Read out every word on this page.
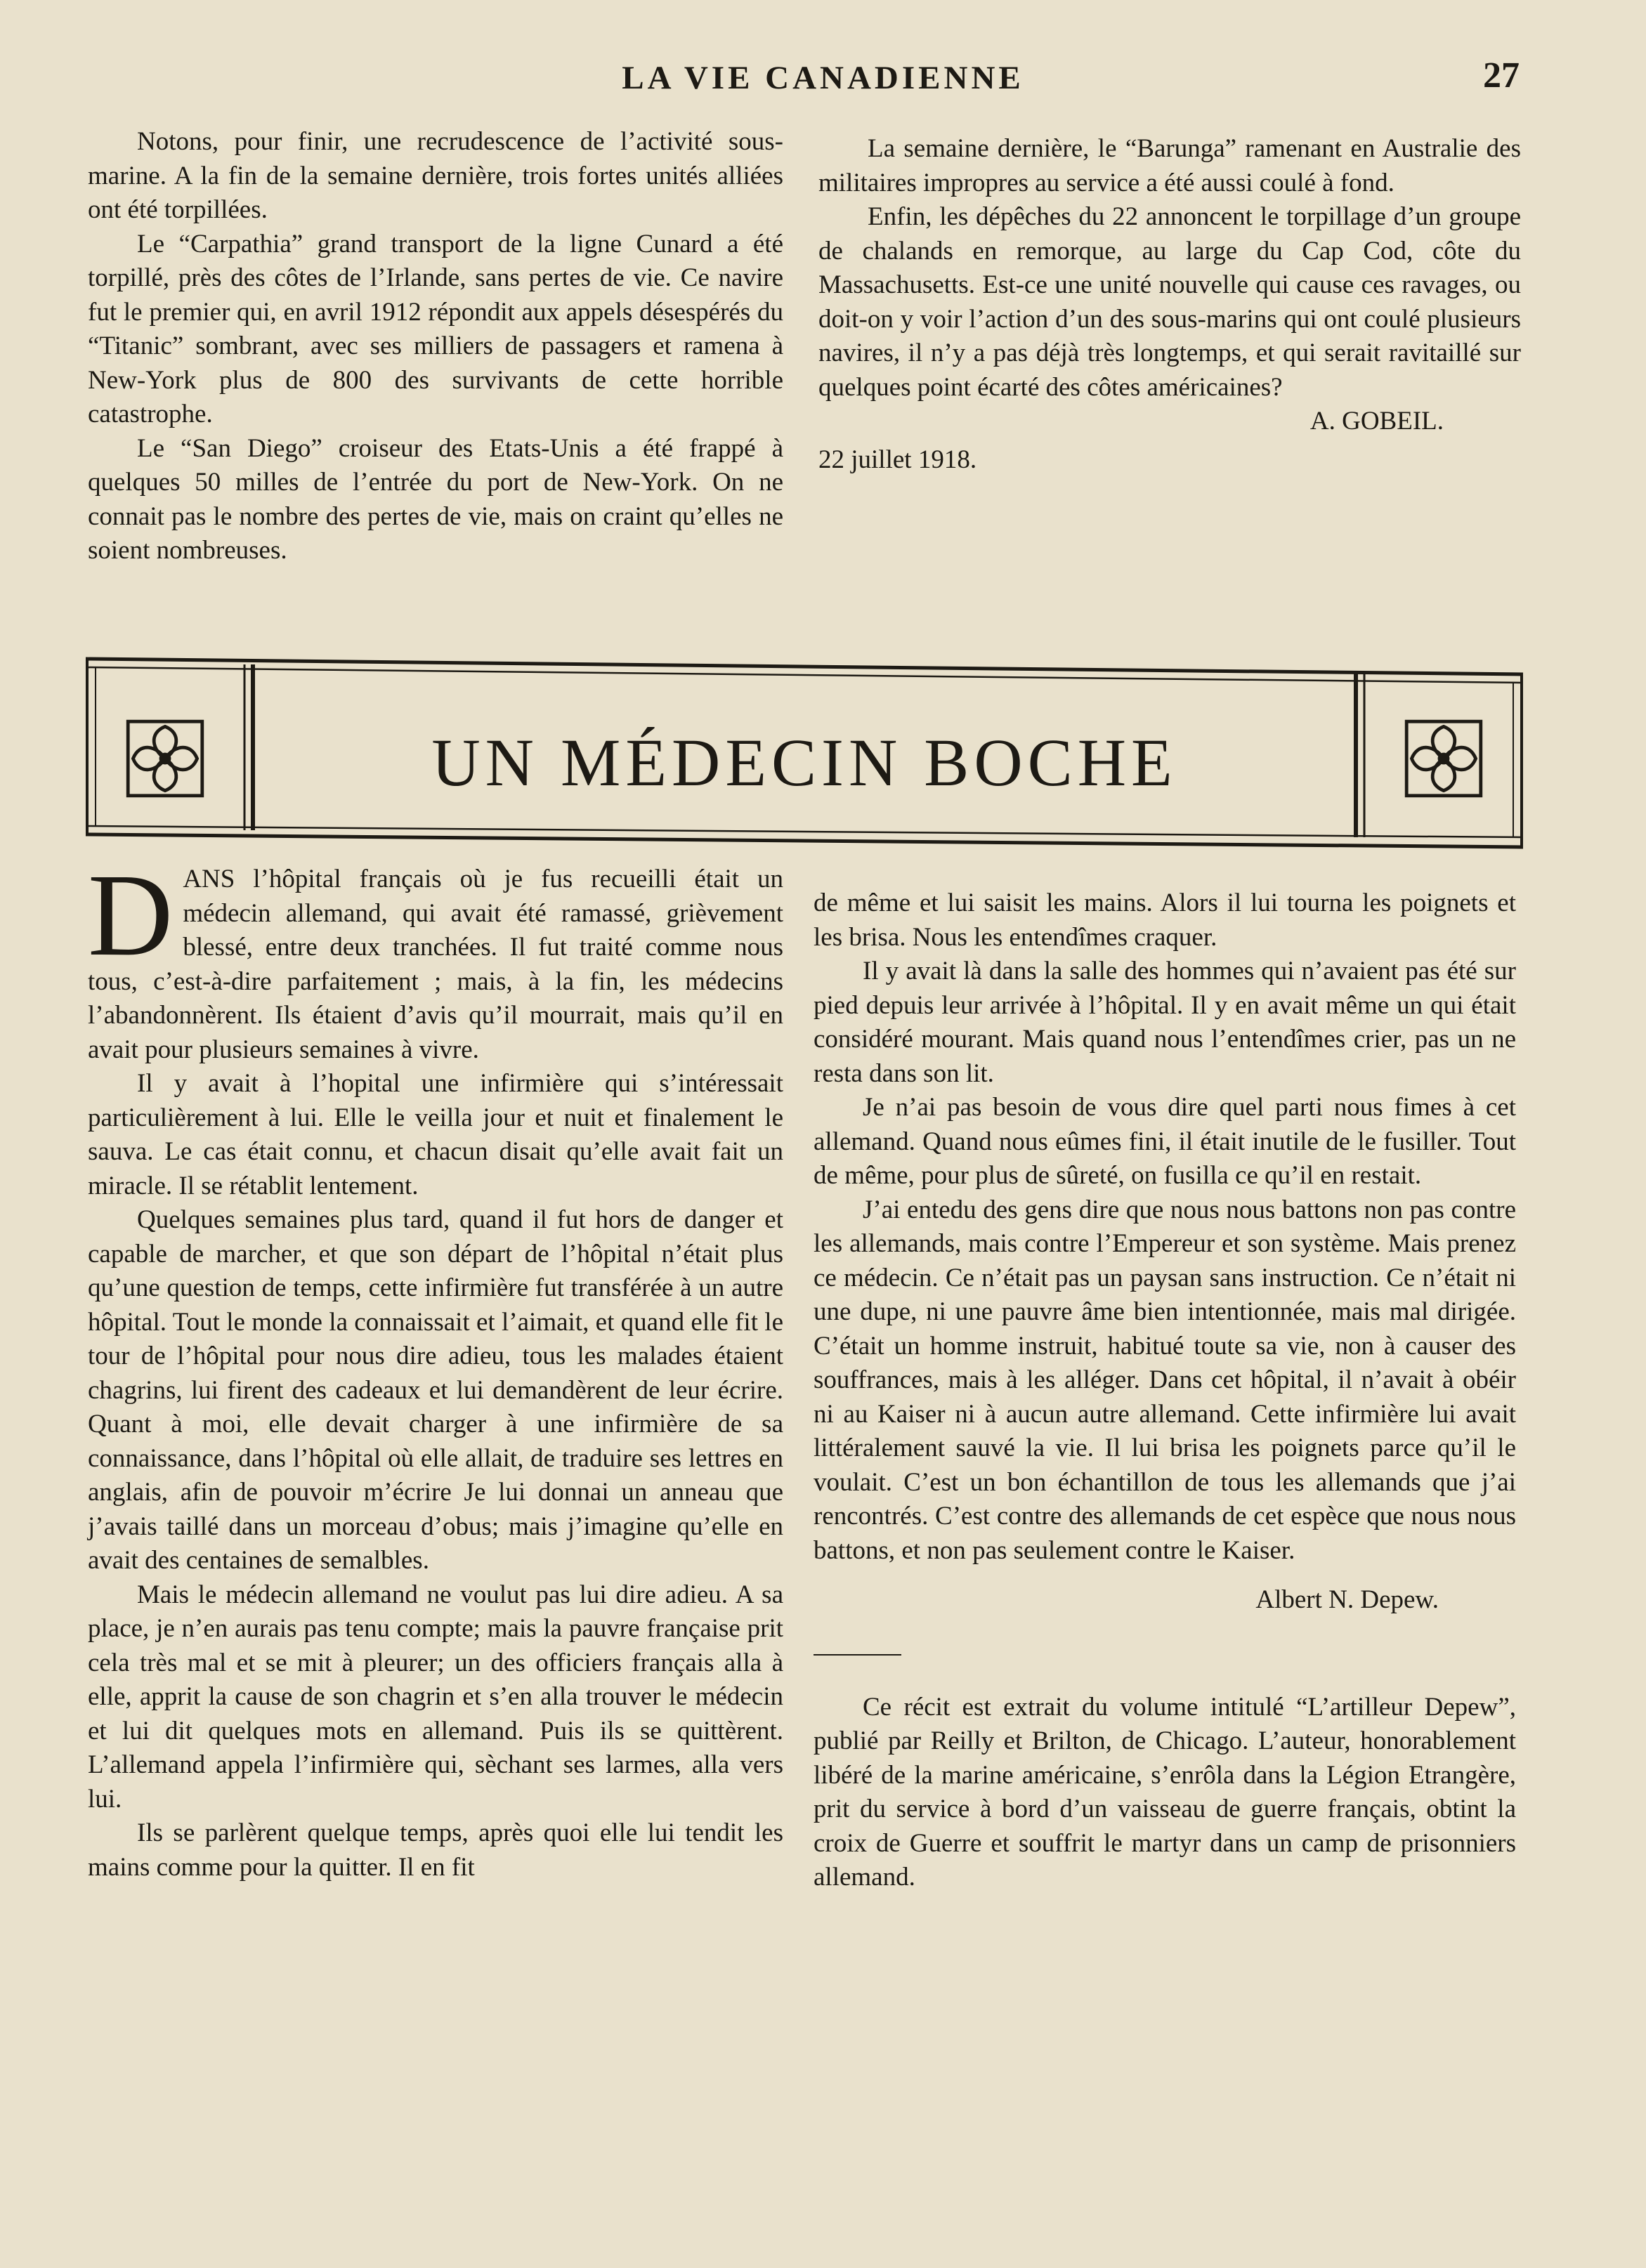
LA VIE CANADIENNE	27

Notons, pour finir, une recrudescence de l’activité sous-marine. A la fin de la semaine dernière, trois fortes unités alliées ont été torpillées.

Le “Carpathia” grand transport de la ligne Cunard a été torpillé, près des côtes de l’Irlande, sans pertes de vie. Ce navire fut le premier qui, en avril 1912 répondit aux appels désespérés du “Titanic” sombrant, avec ses milliers de passagers et ramena à New-York plus de 800 des survivants de cette horrible catastrophe.

Le “San Diego” croiseur des Etats-Unis a été frappé à quelques 50 milles de l’entrée du port de New-York. On ne connait pas le nombre des pertes de vie, mais on craint qu’elles ne soient nombreuses.

La semaine dernière, le “Barunga” ramenant en Australie des militaires impropres au service a été aussi coulé à fond.

Enfin, les dépêches du 22 annoncent le torpillage d’un groupe de chalands en remorque, au large du Cap Cod, côte du Massachusetts. Est-ce une unité nouvelle qui cause ces ravages, ou doit-on y voir l’action d’un des sous-marins qui ont coulé plusieurs navires, il n’y a pas déjà très longtemps, et qui serait ravitaillé sur quelques point écarté des côtes américaines?

A. GOBEIL.

22 juillet 1918.

UN MÉDECIN BOCHE

DANS l’hôpital français où je fus recueilli était un médecin allemand, qui avait été ramassé, grièvement blessé, entre deux tranchées. Il fut traité comme nous tous, c’est-à-dire parfaitement ; mais, à la fin, les médecins l’abandonnèrent. Ils étaient d’avis qu’il mourrait, mais qu’il en avait pour plusieurs semaines à vivre.

Il y avait à l’hopital une infirmière qui s’intéressait particulièrement à lui. Elle le veilla jour et nuit et finalement le sauva. Le cas était connu, et chacun disait qu’elle avait fait un miracle. Il se rétablit lentement.

Quelques semaines plus tard, quand il fut hors de danger et capable de marcher, et que son départ de l’hôpital n’était plus qu’une question de temps, cette infirmière fut transférée à un autre hôpital. Tout le monde la connaissait et l’aimait, et quand elle fit le tour de l’hôpital pour nous dire adieu, tous les malades étaient chagrins, lui firent des cadeaux et lui demandèrent de leur écrire. Quant à moi, elle devait charger à une infirmière de sa connaissance, dans l’hôpital où elle allait, de traduire ses lettres en anglais, afin de pouvoir m’écrire Je lui donnai un anneau que j’avais taillé dans un morceau d’obus; mais j’imagine qu’elle en avait des centaines de semalbles.

Mais le médecin allemand ne voulut pas lui dire adieu. A sa place, je n’en aurais pas tenu compte; mais la pauvre française prit cela très mal et se mit à pleurer; un des officiers français alla à elle, apprit la cause de son chagrin et s’en alla trouver le médecin et lui dit quelques mots en allemand. Puis ils se quittèrent. L’allemand appela l’infirmière qui, sèchant ses larmes, alla vers lui.

Ils se parlèrent quelque temps, après quoi elle lui tendit les mains comme pour la quitter. Il en fit

de même et lui saisit les mains. Alors il lui tourna les poignets et les brisa. Nous les entendîmes craquer.

Il y avait là dans la salle des hommes qui n’avaient pas été sur pied depuis leur arrivée à l’hôpital. Il y en avait même un qui était considéré mourant. Mais quand nous l’entendîmes crier, pas un ne resta dans son lit.

Je n’ai pas besoin de vous dire quel parti nous fimes à cet allemand. Quand nous eûmes fini, il était inutile de le fusiller. Tout de même, pour plus de sûreté, on fusilla ce qu’il en restait.

J’ai entedu des gens dire que nous nous battons non pas contre les allemands, mais contre l’Empereur et son système. Mais prenez ce médecin. Ce n’était pas un paysan sans instruction. Ce n’était ni une dupe, ni une pauvre âme bien intentionnée, mais mal dirigée. C’était un homme instruit, habitué toute sa vie, non à causer des souffrances, mais à les alléger. Dans cet hôpital, il n’avait à obéir ni au Kaiser ni à aucun autre allemand. Cette infirmière lui avait littéralement sauvé la vie. Il lui brisa les poignets parce qu’il le voulait. C’est un bon échantillon de tous les allemands que j’ai rencontrés. C’est contre des allemands de cet espèce que nous nous battons, et non pas seulement contre le Kaiser.

Albert N. Depew.

Ce récit est extrait du volume intitulé “L’artilleur Depew”, publié par Reilly et Brilton, de Chicago. L’auteur, honorablement libéré de la marine américaine, s’enrôla dans la Légion Etrangère, prit du service à bord d’un vaisseau de guerre français, obtint la croix de Guerre et souffrit le martyr dans un camp de prisonniers allemand.
